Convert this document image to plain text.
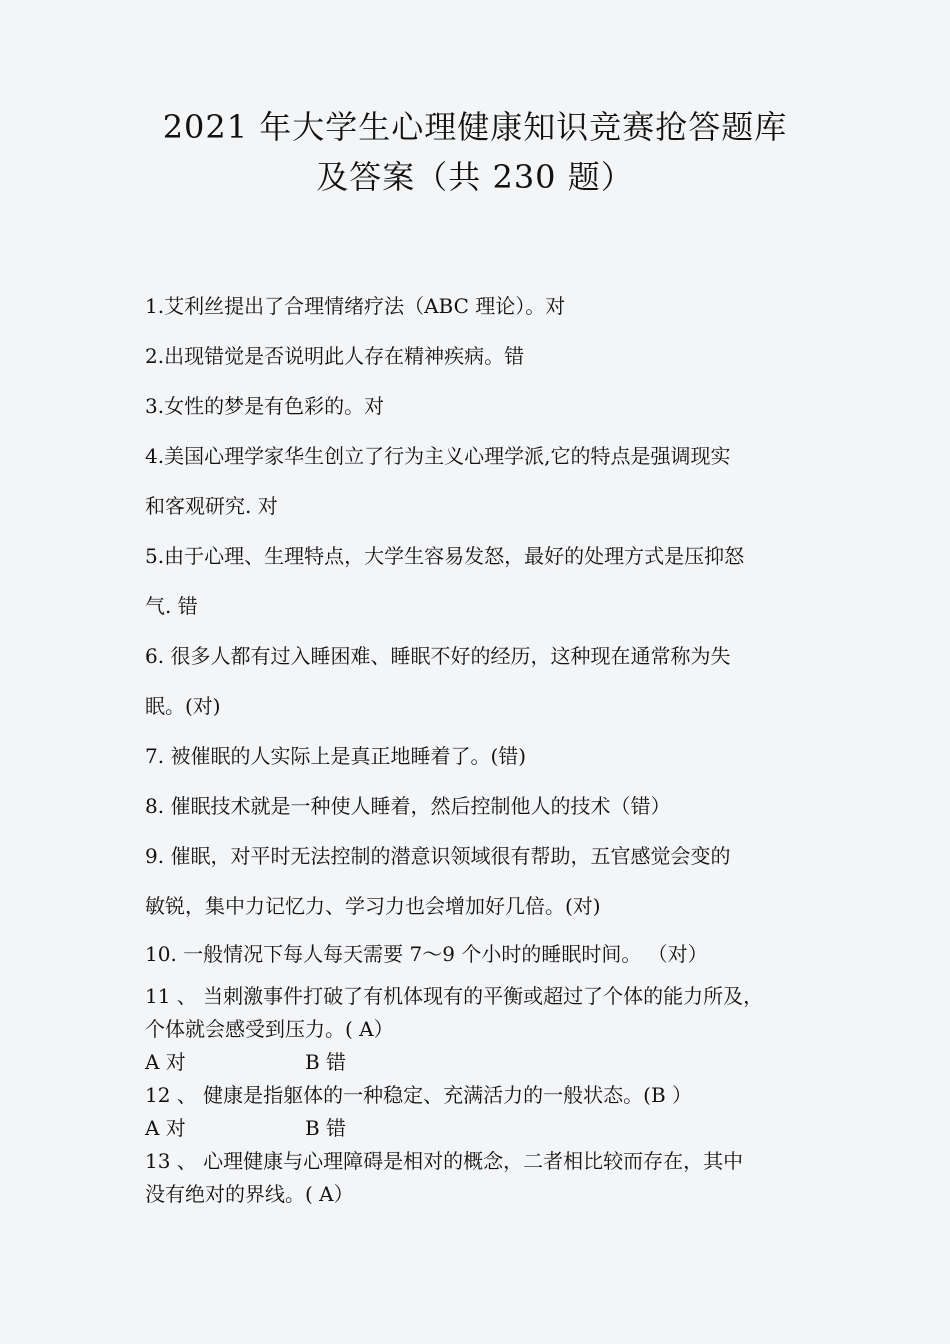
2021 年大学生心理健康知识竞赛抢答题库
及答案（共 230 题）
1.艾利丝提出了合理情绪疗法（ABC 理论）。对
2.出现错觉是否说明此人存在精神疾病。错
3.女性的梦是有色彩的。对
4.美国心理学家华生创立了行为主义心理学派,它的特点是强调现实
和客观研究. 对
5.由于心理、生理特点，大学生容易发怒，最好的处理方式是压抑怒
气. 错
6. 很多人都有过入睡困难、睡眠不好的经历，这种现在通常称为失
眠。(对)
7. 被催眠的人实际上是真正地睡着了。(错)
8. 催眠技术就是一种使人睡着，然后控制他人的技术（错）
9. 催眠，对平时无法控制的潜意识领域很有帮助，五官感觉会变的
敏锐，集中力记忆力、学习力也会增加好几倍。(对)
10. 一般情况下每人每天需要 7～9 个小时的睡眠时间。 （对）
11 、 当刺激事件打破了有机体现有的平衡或超过了个体的能力所及，
个体就会感受到压力。( A）
A 对	B 错
12 、 健康是指躯体的一种稳定、充满活力的一般状态。(B ）
A 对	B 错
13 、 心理健康与心理障碍是相对的概念，二者相比较而存在，其中
没有绝对的界线。( A）
